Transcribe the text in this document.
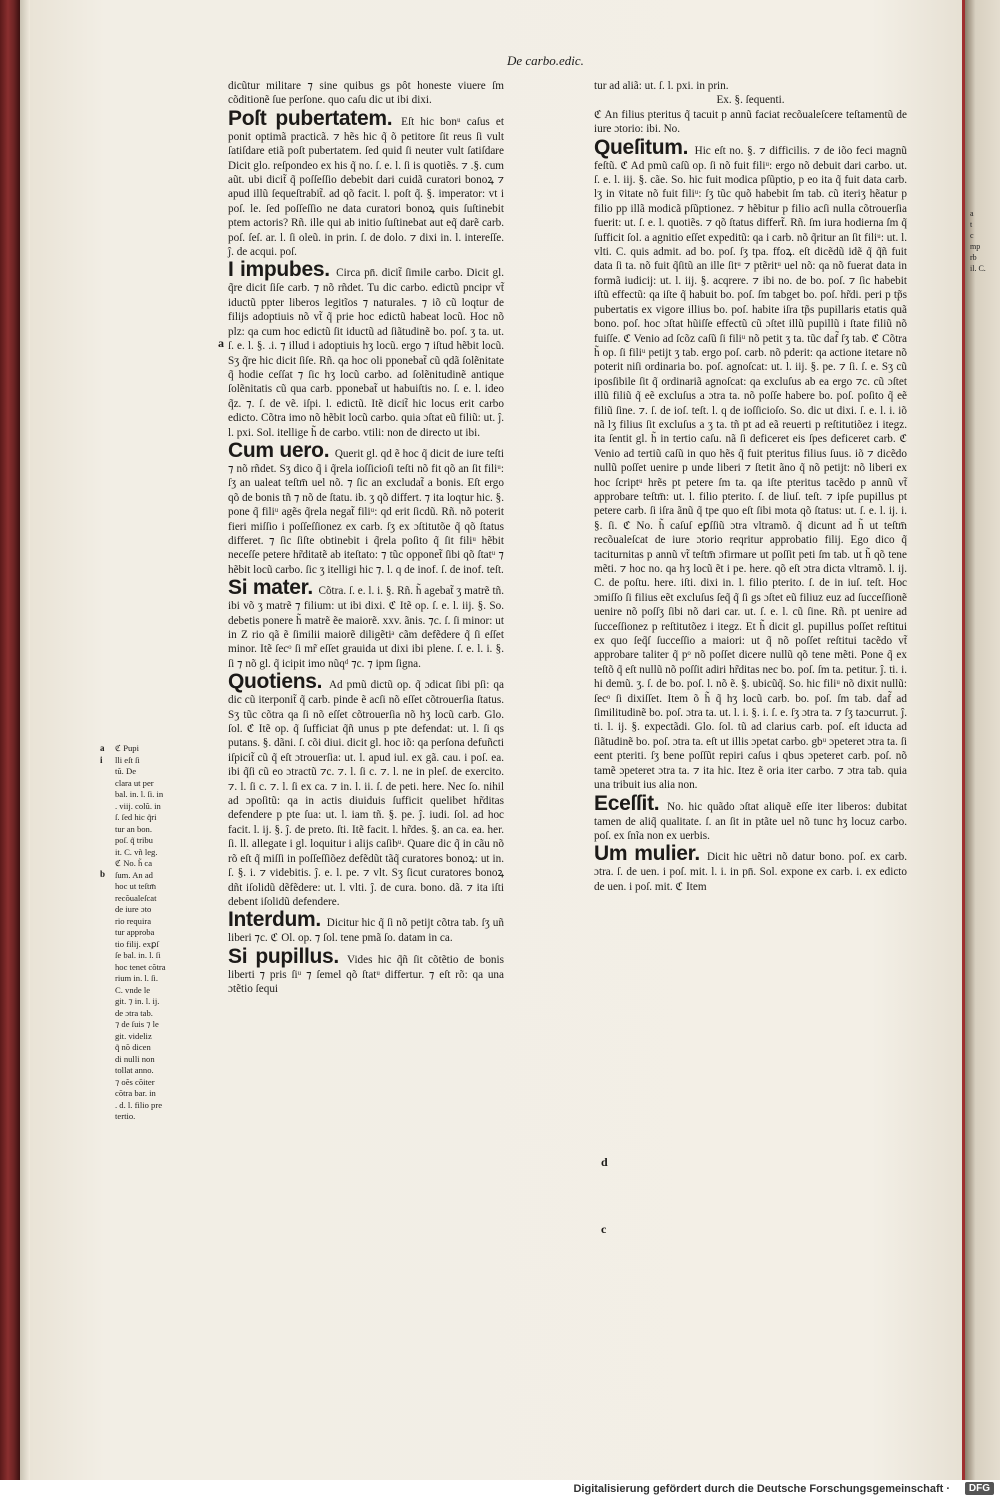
De carbo.edic.

dicũtur militare ⁊ sine quibus gs pôt honeste viuere ſm cõditionẽ ſue perſone. quo caſu dic ut ibi dixi.

Poſt pubertatem. Eſt hic bonᵘ caſus et ponit optimã practicã. ⁊ hẽs hic q̃ õ petitore ſit reus ſi vult ſatiſdare etiã poſt pubertatem. ſed quid ſi neuter vult ſatiſdare Dicit glo. reſpondeo ex his q̃ no. ſ. e. l. ſi is quotiẽs. ⁊ .§. cum aũt. ubi dicit̃ q̃ poſſeſſio debebit dari cuidã curatori bonoꝝ ⁊ apud illũ ſequeſtrabit̃. ad qõ facit. l. poſt q̃. §. imperator: vt i poſ. le. ſed poſſeſſio ne data curatori bonoꝝ quis ſuſtinebit ptem actoris? Rñ. ille qui ab initio ſuſtinebat aut eq̃ darẽ carb. poſ. ſeſ. ar. l. ſi oleũ. in prin. ſ. de dolo. ⁊ dixi in. l. intereſſe. ĵ. de acqui. poſ.

I impubes. Circa pn̄. dicit̃ ſimile carbo. Dicit gl. q̃re dicit ſiſe carb. ⁊ nõ rñdet. Tu dic carbo. edictũ pncipr vt̃ iductũ ppter liberos legitĩos ⁊ naturales. ⁊ iõ cũ loqtur de filijs adoptiuis nõ vt̃ q̃ prie hoc edictũ habeat locũ. Hoc nõ plz: qa cum hoc edictũ ſit iductũ ad ſiãtudinẽ bo. poſ. ʒ ta. ut. ſ. e. l. §. .i. ⁊ illud i adoptiuis hʒ locũ. ergo ⁊ iſtud hẽbit locũ. Sʒ q̃re hic dicit ſiſe. Rñ. qa hoc oli pponebat̃ cũ qdã ſolẽnitate q̃ hodie ceſſat ⁊ ſic hʒ locũ carbo. ad ſolẽnitudinẽ antique ſolẽnitatis cũ qua carb. pponebat̃ ut habuiſtis no. ſ. e. l. ideo q̃z. ⁊. ſ. de vẽ. iſpi. l. edictũ. Itẽ dicit̃ hic locus erit carbo edicto. Cõtra imo nõ hẽbit locũ carbo. quia ɔſtat eũ filiũ: ut. ĵ. l. pxi. Sol. itellige h̃ de carbo. vtili: non de directo ut ibi.

Cum uero. Querit gl. qd ẽ hoc q̃ dicit de iure teſti ⁊ nõ rñdet. Sʒ dico q̃ i q̃rela ioſſicioſi teſti nõ fit qõ an ſit filiᵘ: ſʒ an ualeat teſtm̄ uel nõ. ⁊ ſic an excludat̃ a bonis. Eſt ergo qõ de bonis tñ ⁊ nõ de ſtatu. ib. ʒ qõ differt. ⁊ ita loqtur hic. §. pone q̃ filiᵘ agẽs q̃rela negat̃ filiᵘ: qd erit ſicdũ. Rñ. nõ poterit fieri miſſio i poſſeſſionez ex carb. ſʒ ex ɔſtitutõe q̃ qõ ſtatus differet. ⁊ ſic ſiſte obtinebit i q̃rela poſito q̃ ſit filiᵘ hẽbit neceſſe petere hr̃ditatẽ ab iteſtato: ⁊ tũc opponet̃ ſibi qõ ſtatᵘ ⁊ hẽbit locũ carbo. ſic ʒ itelligi hic ⁊. l. q de inof. ſ. de inof. teſt.

Si mater. Cõtra. ſ. e. l. i. §. Rñ. h̃ agebat̃ ʒ matrẽ tñ. ibi võ ʒ matrẽ ⁊ filium: ut ibi dixi. ℭ Itẽ op. ſ. e. l. iij. §. So. debetis ponere h̃ matrẽ ẽe maiorẽ. xxv. ãnis. ⁊c. ſ. ſi minor: ut in Z rio qã ẽ ſimilii maiorẽ diligẽtiᵃ cãm defẽdere q̃ ſi eſſet minor. Itẽ ſecᵒ ſi mr̃ eſſet grauida ut dixi ibi plene. ſ. e. l. i. §. ſi ⁊ nõ gl. q̃ icipit imo nũqᵈ ⁊c. ⁊ ipm ſigna.

Quotiens. Ad pmũ dictũ op. q̃ ɔdicat ſibi pſi: qa dic cũ iterponit̃ q̃ carb. pinde ẽ acſi nõ eſſet cõtrouerſia ſtatus. Sʒ tũc cõtra qa ſi nõ eſſet cõtrouerſia nõ hʒ locũ carb. Glo. ſol. ℭ Itẽ op. q̃ ſufficiat q̃ñ unus p pte defendat: ut. l. ſi qs putans. §. dãni. ſ. cõi diui. dicit gl. hoc iõ: qa perſona defuñcti iſpicit̃ cũ q̃ eſt ɔtrouerſia: ut. l. apud iul. ex gã. cau. i poſ. ea. ibi q̃ſi cũ eo ɔtractũ ⁊c. ⁊. l. ſi c. ⁊. l. ne in pleſ. de exercito. ⁊. l. ſi c. ⁊. l. ſi ex ca. ⁊ in. l. ii. ſ. de peti. here. Nec ſo. nihil ad ɔpoſitũ: qa in actis diuiduis ſufficit quelibet hr̃ditas defendere p pte ſua: ut. l. iam tñ. §. pe. ĵ. iudi. ſol. ad hoc facit. l. ij. §. ĵ. de preto. ſti. Itẽ facit. l. hr̃des. §. an ca. ea. her. ſi. ll. allegate i gl. loquitur i alijs caſibᵘ. Quare dic q̃ in cãu nõ rõ eſt q̃ miſſi in poſſeſſiõez defẽdũt tãq̃ curatores bonoꝝ: ut in. ſ. §. i. ⁊ videbitis. ĵ. e. l. pe. ⁊ vlt. Sʒ ſicut curatores bonoꝝ dñt iſolidũ dẽfẽdere: ut. l. vlti. ĵ. de cura. bono. dã. ⁊ ita iſti debent iſolidũ defendere.

Interdum. Dicitur hic q̃ ſi nõ petijt cõtra tab. ſʒ uñ liberi ⁊c. ℭ Ol. op. ⁊ ſol. tene pmã ſo. datam in ca.

Si pupillus. Vides hic q̃ñ ſit cõtẽtio de bonis liberti ⁊ pris ſiᵘ ⁊ ſemel qõ ſtatᵘ differtur. ⁊ eſt rõ: qa una ɔtẽtio ſequi

tur ad aliã: ut. ſ. l. pxi. in prin.

Ex. §. ſequenti.

ℭ An filius pteritus q̃ tacuit p annũ faciat recõualeſcere teſtamentũ de iure ɔtorio: ibi. No.

Queſitum. Hic eſt no. §. ⁊ difficilis. ⁊ de iõo feci magnũ feſtũ. ℭ Ad pmũ caſũ op. ſi nõ fuit filiᵘ: ergo nõ debuit dari carbo. ut. ſ. e. l. iij. §. cãe. So. hic fuit modica pſũptio, p eo ita q̃ fuit data carb. lʒ in v̄itate nõ fuit filiᵘ: ſʒ tũc quõ habebit ſm tab. cũ iteriʒ hẽatur p filio pp illã modicã pſũptionez. ⁊ hẽbitur p filio acſi nulla cõtrouerſia fuerit: ut. ſ. e. l. quotiẽs. ⁊ qõ ſtatus differt̃. Rñ. ſm iura hodierna ſm q̃ ſufficit ſol. a agnitio eſſet expeditũ: qa i carb. nõ q̃ritur an ſit filiᵘ: ut. l. vlti. C. quis admit. ad bo. poſ. ſʒ tpa. ffoꝝ. eſt dicẽdũ idẽ q̃ q̃ñ fuit data ſi ta. nõ fuit q̃ſitũ an ille ſitᵘ ⁊ ptẽritᵘ uel nõ: qa nõ fuerat data in formã iudicij: ut. l. iij. §. acqrere. ⁊ ibi no. de bo. poſ. ⁊ ſic habebit iſtũ effectũ: qa iſte q̃ habuit bo. poſ. ſm tabget bo. poſ. hr̃di. peri p tp̃s pubertatis ex vigore illius bo. poſ. habite iſra tp̃s pupillaris etatis quã bono. poſ. hoc ɔſtat hũiſſe effectũ cũ ɔſtet illũ pupillũ i ſtate filiũ nõ fuiſſe. ℭ Venio ad ſcõz caſũ ſi filiᵘ nõ petit ʒ ta. tũc daf̃ ſʒ tab. ℭ Cõtra h̃ op. ſi filiᵘ petijt ʒ tab. ergo poſ. carb. nõ pderit: qa actione itetare nõ poterit niſi ordinaria bo. poſ. agnoſcat: ut. l. iij. §. pe. ⁊ ſi. ſ. e. Sʒ cũ iposſibile ſit q̃ ordinariã agnoſcat: qa excluſus ab ea ergo ⁊c. cũ ɔſtet illũ filiũ q̃ eẽ excluſus a ɔtra ta. nõ poſſe habere bo. poſ. poſito q̃ eẽ filiũ ſine. ⁊. ſ. de ioſ. teſt. l. q de ioſſicioſo. So. dic ut dixi. ſ. e. l. i. iõ nã lʒ filius ſit excluſus a ʒ ta. tñ pt ad eã reuerti p reſtitutiõez i itegz. ita ſentit gl. h̃ in tertio caſu. nã ſi deficeret eis ſpes deficeret carb. ℭ Venio ad tertiũ caſũ in quo hẽs q̃ fuit pteritus filius ſuus. iõ ⁊ dicẽdo nullũ poſſet uenire p unde liberi ⁊ ſtetit ãno q̃ nõ petijt: nõ liberi ex hoc ſcriptᵘ hrẽs pt petere ſm ta. qa iſte pteritus tacẽdo p annũ vt̃ approbare teſtm̄: ut. l. filio pterito. ſ. de liuſ. teſt. ⁊ ipſe pupillus pt petere carb. ſi iſra ãnũ q̃ tpe quo eſt ſibi mota qõ ſtatus: ut. ſ. e. l. ij. i. §. ſi. ℭ No. h̃ caſuſ eꝑſſiũ ɔtra vltramõ. q̃ dicunt ad h̃ ut teſtm̄ recõualeſcat de iure ɔtorio reqritur approbatio filij. Ego dico q̃ taciturnitas p annũ vt̃ teſtm̄ ɔfirmare ut poſſit peti ſm tab. ut h̃ qõ tene mẽti. ⁊ hoc no. qa hʒ locũ ẽt i pe. here. qõ eſt ɔtra dicta vltramõ. l. ij. C. de poſtu. here. iſti. dixi in. l. filio pterito. ſ. de in iuſ. teſt. Hoc ɔmiſſo ſi filius eẽt excluſus ſeq̃ q̃ ſi gs ɔſtet eũ filiuz euz ad ſucceſſionẽ uenire nõ poſſʒ ſibi nõ dari car. ut. ſ. e. l. cũ ſine. Rñ. pt uenire ad ſucceſſionez p reſtitutõez i itegz. Et h̃ dicit gl. pupillus poſſet reſtitui ex quo ſeq̃ſ ſucceſſio a maiori: ut q̃ nõ poſſet reſtitui tacẽdo vt̃ approbare taliter q̃ pᵒ nõ poſſet dicere nullũ qõ tene mẽti. Pone q̃ ex teſtõ q̃ eſt nullũ nõ poſſit adiri hr̃ditas nec bo. poſ. ſm ta. petitur. ĵ. ti. i. hi demũ. ʒ. ſ. de bo. poſ. l. nõ ẽ. §. ubicũq̃. So. hic filiᵘ nõ dixit nullũ: ſecᵒ ſi dixiſſet. Item õ h̃ q̃ hʒ locũ carb. bo. poſ. ſm tab. daf̃ ad ſimilitudinẽ bo. poſ. ɔtra ta. ut. l. i. §. i. ſ. e. ſʒ ɔtra ta. ⁊ ſʒ taɔcurrut. ĵ. ti. l. ij. §. expectãdi. Glo. ſol. tũ ad clarius carb. poſ. eſt iducta ad ſiãtudinẽ bo. poſ. ɔtra ta. eſt ut illis ɔpetat carbo. gbᵘ ɔpeteret ɔtra ta. ſi eent pteriti. ſʒ bene poſſũt repiri caſus i qbus ɔpeteret carb. poſ. nõ tamẽ ɔpeteret ɔtra ta. ⁊ ita hic. Itez ẽ oria iter carbo. ⁊ ɔtra tab. quia una tribuit ius alia non.

Eceſſit. No. hic quãdo ɔſtat aliquẽ eſſe iter liberos: dubitat tamen de aliq̃ qualitate. ſ. an ſit in ptãte uel nõ tunc hʒ locuz carbo. poſ. ex ſnĩa non ex uerbis.

Um mulier. Dicit hic uẽtri nõ datur bono. poſ. ex carb. ɔtra. ſ. de uen. i poſ. mit. l. i. in pn̄. Sol. expone ex carb. i. ex edicto de uen. i poſ. mit. ℭ Item

ℭ Pupi
lli eſt ſi
tũ. De
clara ut per
bal. in. l. ſi. in
. viij. colũ. in
ſ. ſed hic q̃ri
tur an bon.
poſ. q̃ tribu
it. C. vñ leg.
ℭ No. h̃ ca
ſum. An ad
hoc ut teſtm̄
recõualeſcat
de iure ɔto
rio requira
tur approba
tio filij. exꝑſ
ſe bal. in. l. ſi
hoc tenet cõtra
rium in. l. ſi.
C. vnde le
git. ⁊ in. l. ij.
de ɔtra tab.
⁊ de ſuis ⁊ le
git. videliz
q̃ nõ dicen
di nulli non
tollat anno.
⁊ oẽs cõiter
cõtra bar. in
. d. l. filio pre
tertio.
a
t
c
mp
rb
il. C.
a
d
c
Digitalisierung gefördert durch die Deutsche Forschungsgemeinschaft ·	DFG
a
i
b
